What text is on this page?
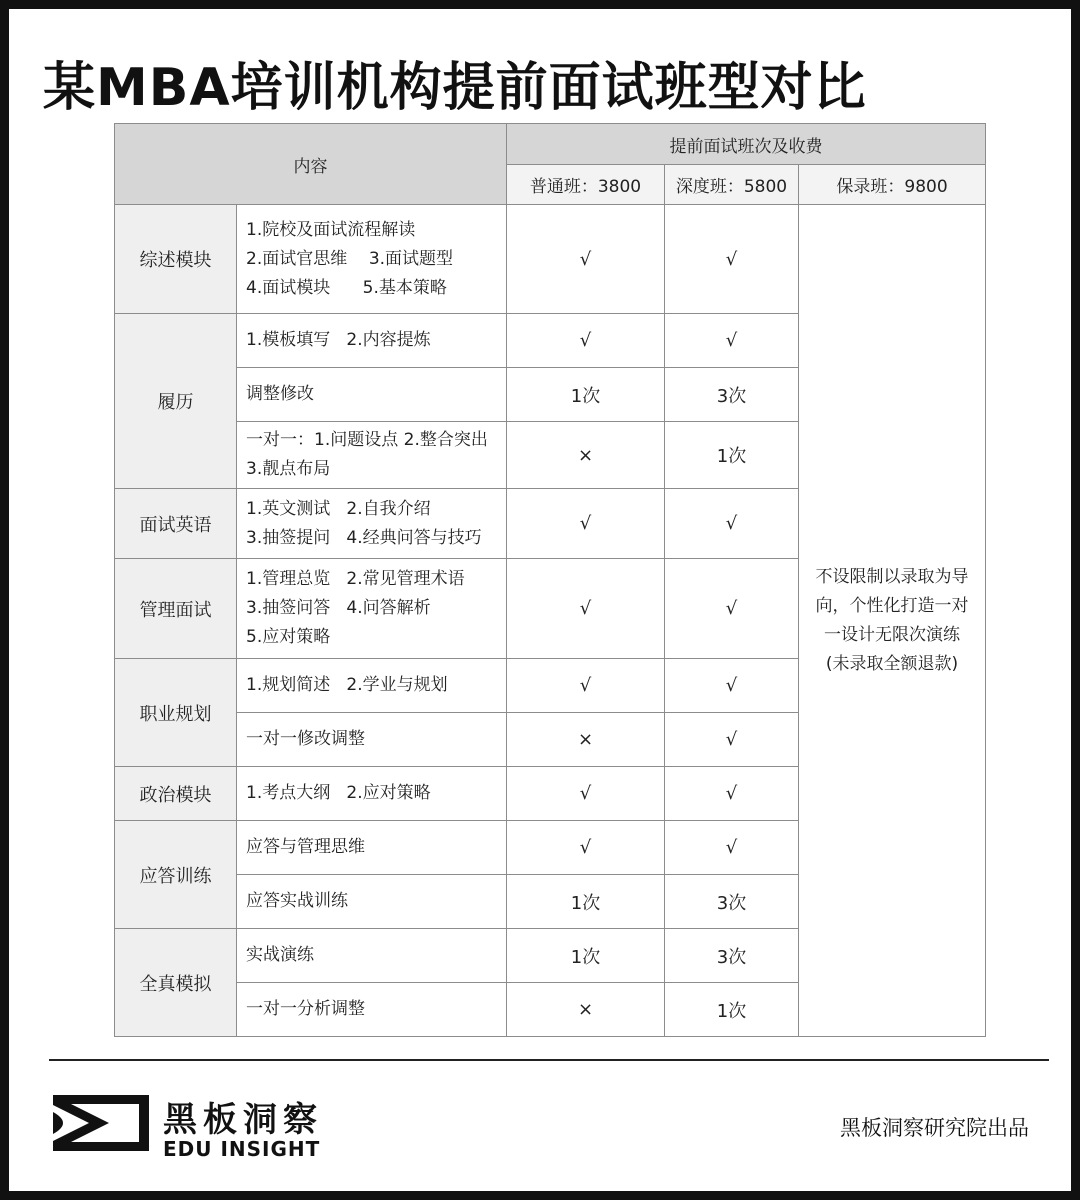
某MBA培训机构提前面试班型对比
内容		提前面试班次及收费		
		普通班：3800	深度班：5800	保录班：9800
综述模块	1.院校及面试流程解读
2.面试官思维    3.面试题型
4.面试模块      5.基本策略	√	√	不设限制以录取为导
向，个性化打造一对
一设计无限次演练
(未录取全额退款)

履历	1.模板填写   2.内容提炼	√	√	

	调整修改	1次	3次	

	一对一：1.问题设点 2.整合突出
3.靓点布局	×	1次	
面试英语	1.英文测试   2.自我介绍
3.抽签提问   4.经典问答与技巧	√	√	
管理面试	1.管理总览   2.常见管理术语
3.抽签问答   4.问答解析
5.应对策略	√	√	
职业规划	1.规划简述   2.学业与规划	√	√	

	一对一修改调整	×	√	
政治模块	1.考点大纲   2.应对策略	√	√	
应答训练	应答与管理思维	√	√	

	应答实战训练	1次	3次	
全真模拟	实战演练	1次	3次	

	一对一分析调整	×	1次	
黑板洞察
EDU INSIGHT
黑板洞察研究院出品
